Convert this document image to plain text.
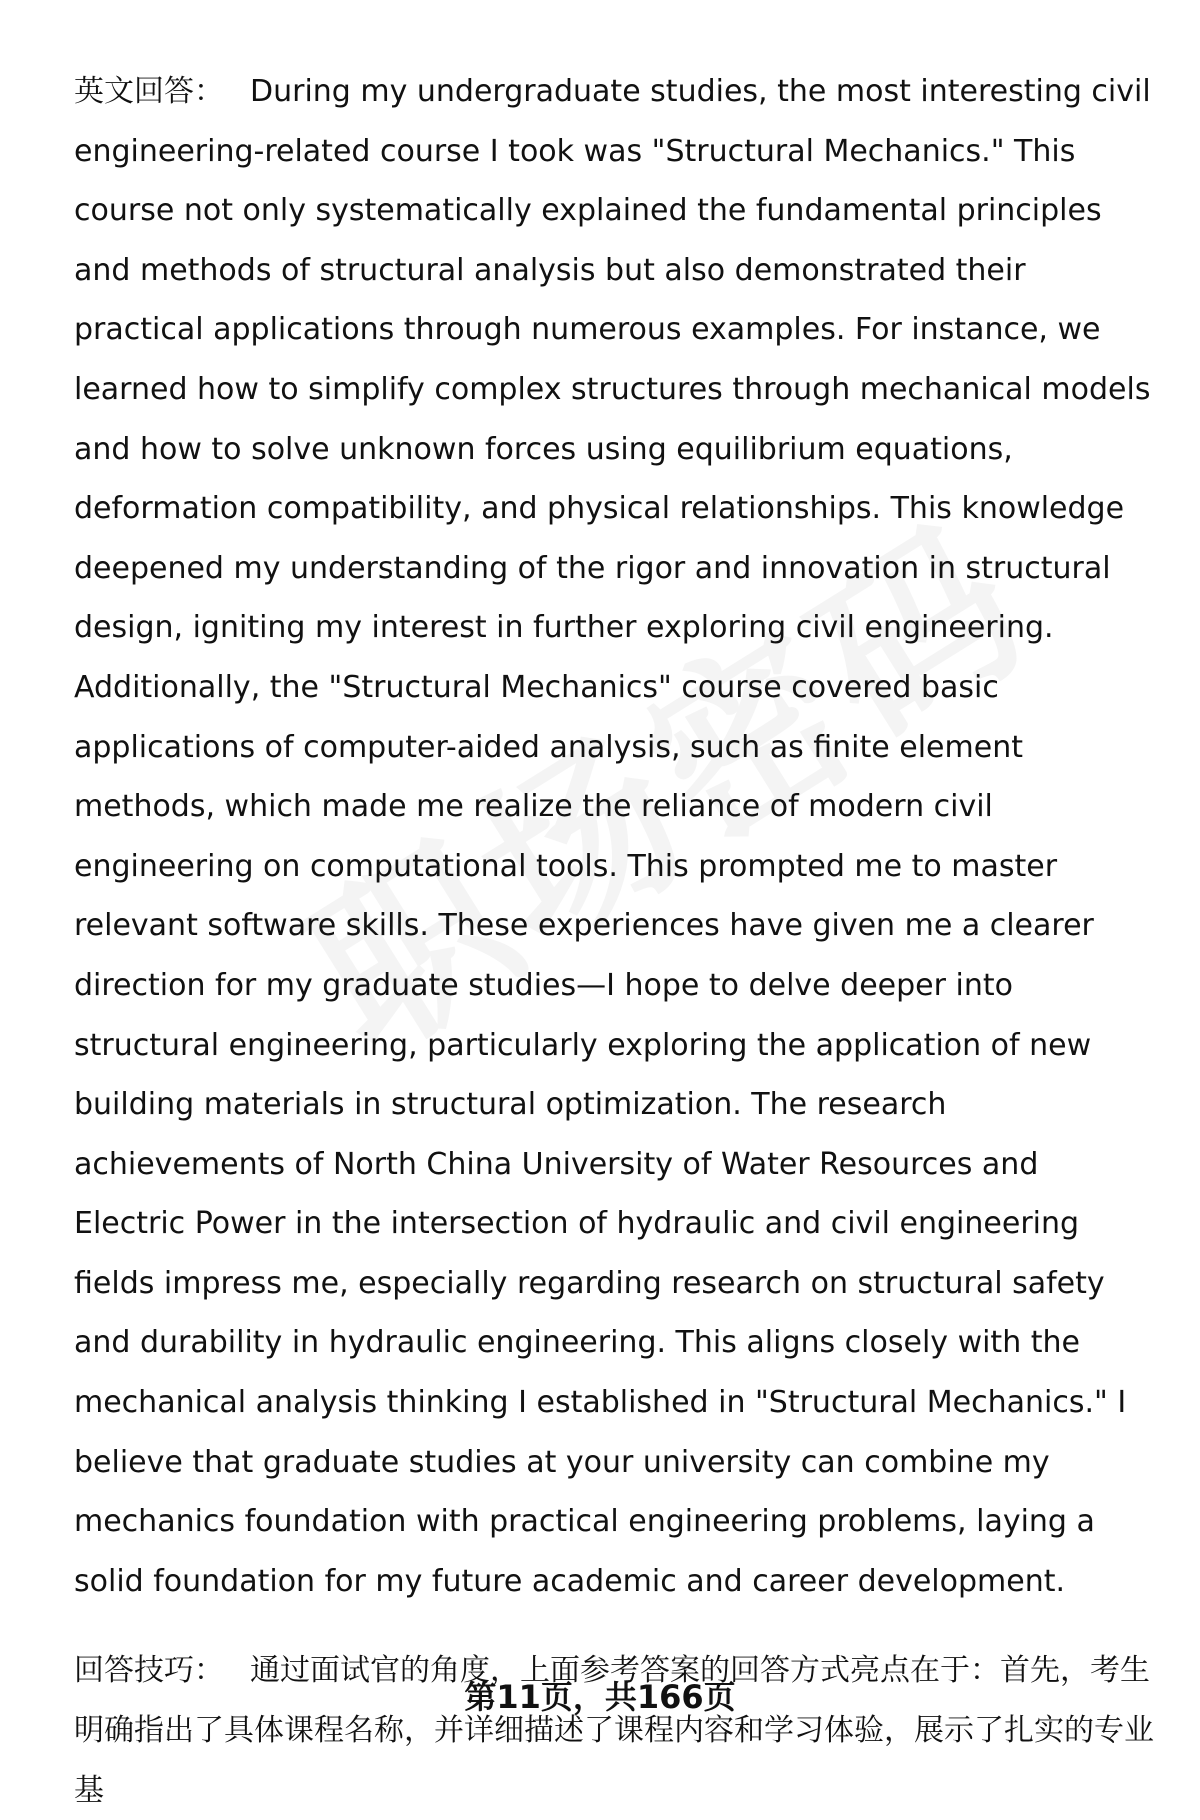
英文回答： During my undergraduate studies, the most interesting civil engineering-related course I took was "Structural Mechanics." This course not only systematically explained the fundamental principles and methods of structural analysis but also demonstrated their practical applications through numerous examples. For instance, we learned how to simplify complex structures through mechanical models and how to solve unknown forces using equilibrium equations, deformation compatibility, and physical relationships. This knowledge deepened my understanding of the rigor and innovation in structural design, igniting my interest in further exploring civil engineering. Additionally, the "Structural Mechanics" course covered basic applications of computer-aided analysis, such as finite element methods, which made me realize the reliance of modern civil engineering on computational tools. This prompted me to master relevant software skills. These experiences have given me a clearer direction for my graduate studies—I hope to delve deeper into structural engineering, particularly exploring the application of new building materials in structural optimization. The research achievements of North China University of Water Resources and Electric Power in the intersection of hydraulic and civil engineering fields impress me, especially regarding research on structural safety and durability in hydraulic engineering. This aligns closely with the mechanical analysis thinking I established in "Structural Mechanics." I believe that graduate studies at your university can combine my mechanics foundation with practical engineering problems, laying a solid foundation for my future academic and career development.

回答技巧： 通过面试官的角度，上面参考答案的回答方式亮点在于：首先，考生明确指出了具体课程名称，并详细描述了课程内容和学习体验，展示了扎实的专业基

第11页，共166页
